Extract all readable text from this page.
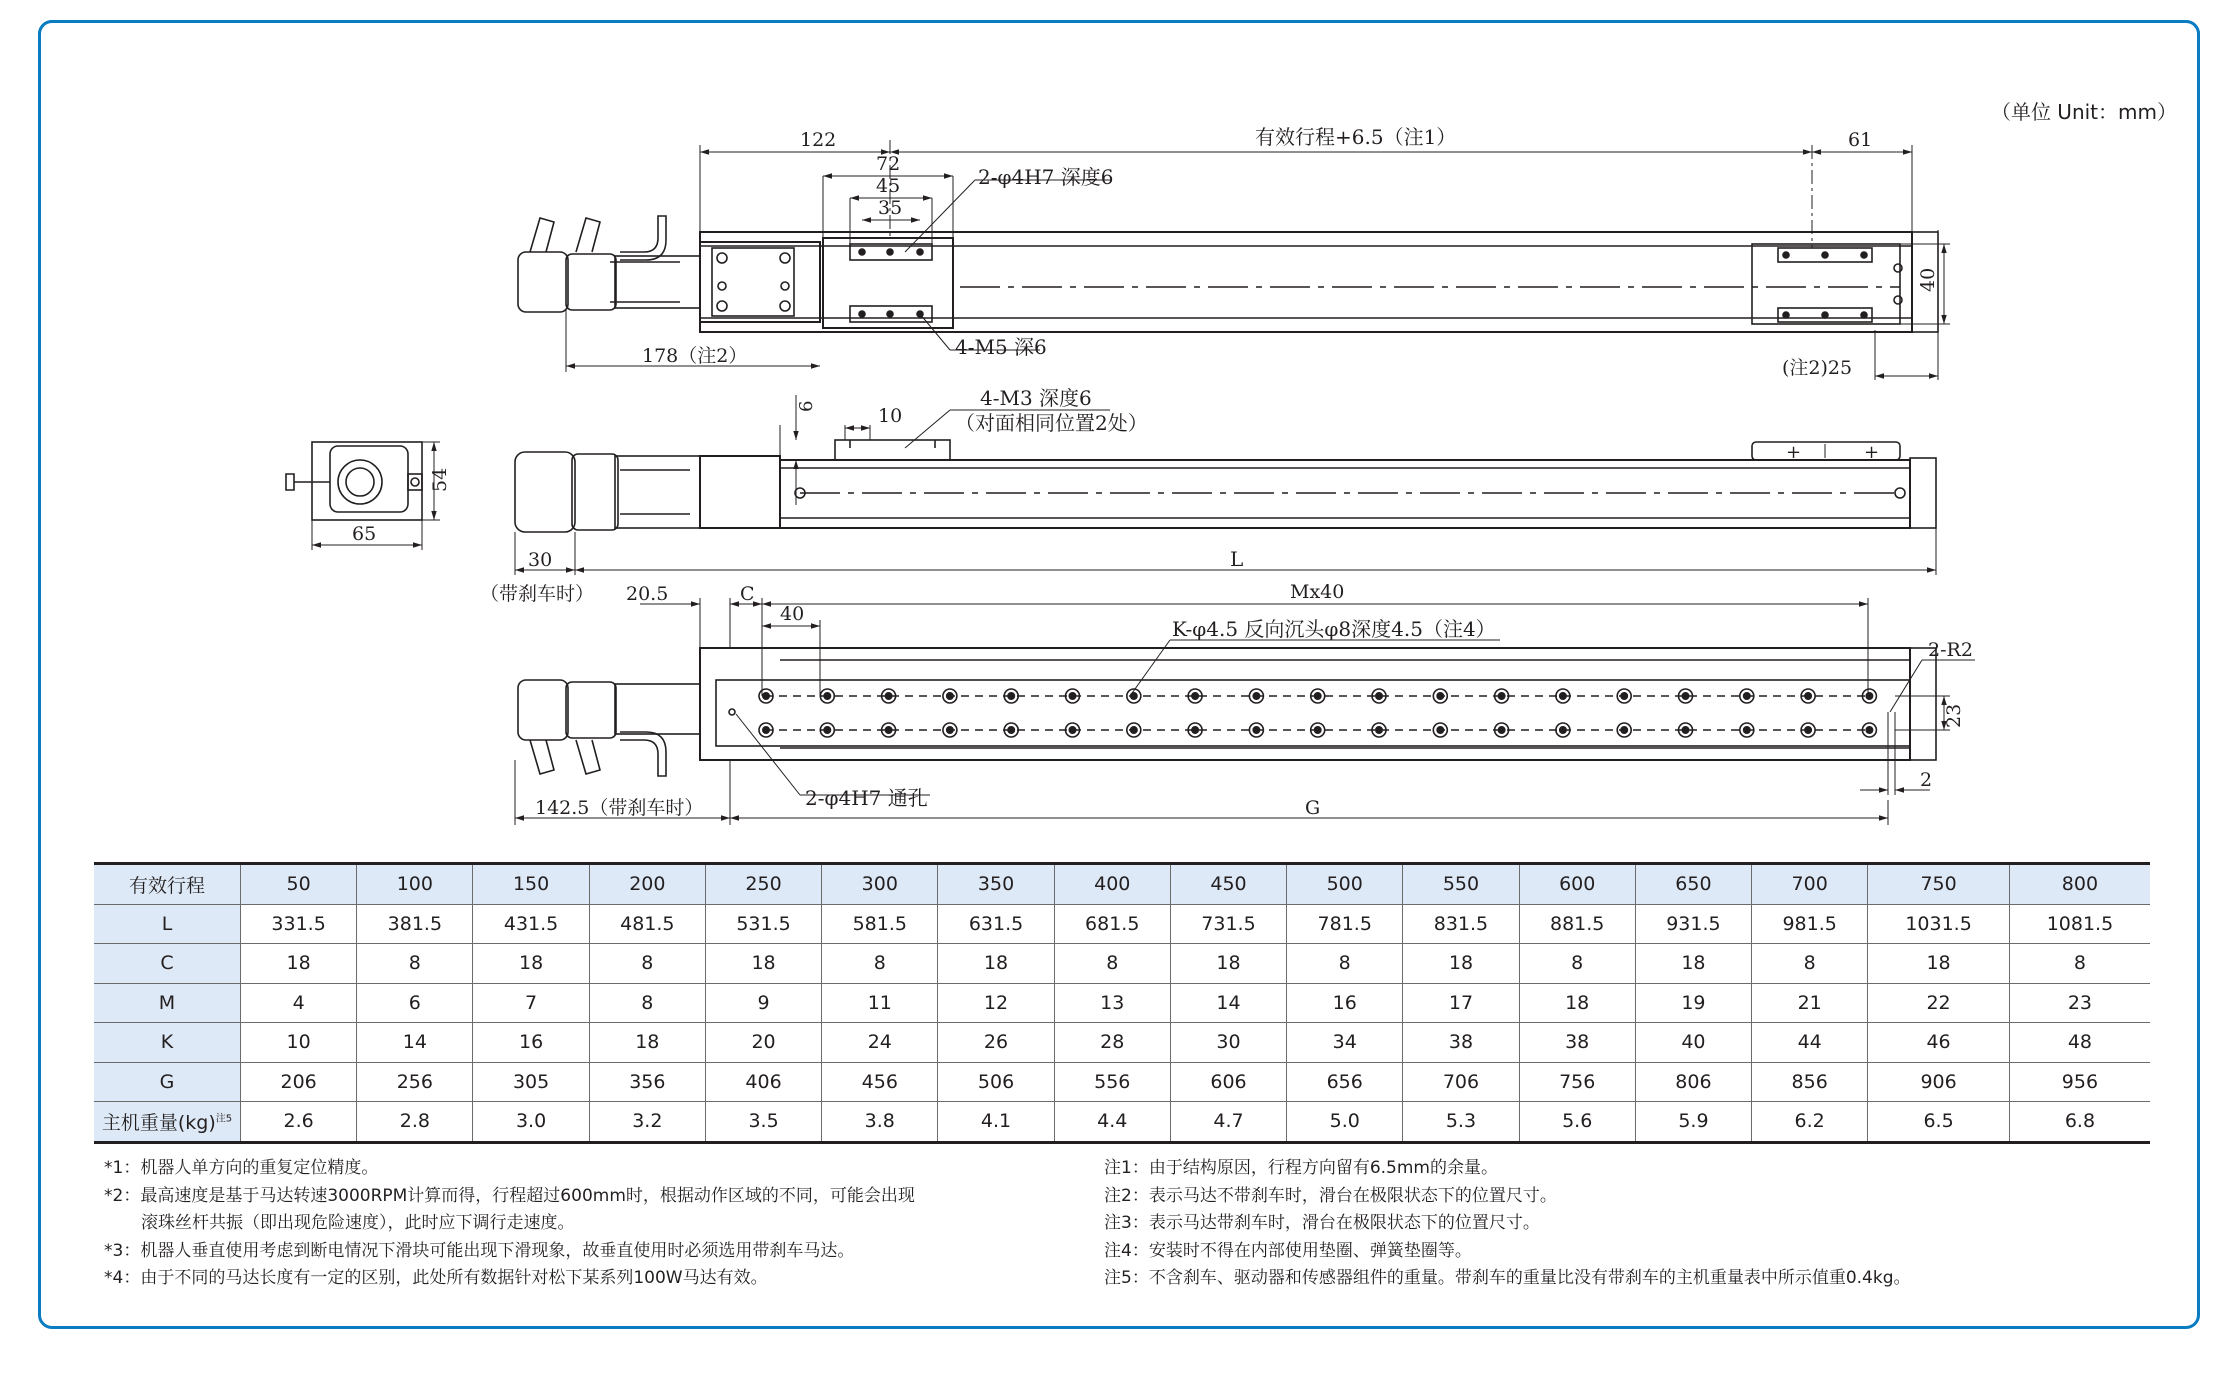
外形尺寸图 $^{*4}$
（单位 Unit：mm）
122
72
45
35
有效行程+6.5（注1）	61
40
2-φ4H7 深度6
4-M5 深6
178（注2）
(注2)25
+	+
6	10
4-M3 深度6
（对面相同位置2处）
30	L
（带刹车时）
65
54
20.5	C	Mx40
40
K-φ4.5 反向沉头φ8深度4.5（注4）
2-R2
23
2
2-φ4H7 通孔
142.5（带刹车时）	G
有效行程	50	100	150	200	250	300	350	400	450	500	550	600	650	700	750	800
L	331.5	381.5	431.5	481.5	531.5	581.5	631.5	681.5	731.5	781.5	831.5	881.5	931.5	981.5	1031.5	1081.5
C	18	8	18	8	18	8	18	8	18	8	18	8	18	8	18	8
M	4	6	7	8	9	11	12	13	14	16	17	18	19	21	22	23
K	10	14	16	18	20	24	26	28	30	34	38	38	40	44	46	48
G	206	256	305	356	406	456	506	556	606	656	706	756	806	856	906	956
主机重量(kg)$^{注5}$	2.6	2.8	3.0	3.2	3.5	3.8	4.1	4.4	4.7	5.0	5.3	5.6	5.9	6.2	6.5	6.8
*1：机器人单方向的重复定位精度。
*2：最高速度是基于马达转速3000RPM计算而得，行程超过600mm时，根据动作区域的不同，可能会出现
滚珠丝杆共振（即出现危险速度），此时应下调行走速度。
*3：机器人垂直使用考虑到断电情况下滑块可能出现下滑现象，故垂直使用时必须选用带刹车马达。
*4：由于不同的马达长度有一定的区别，此处所有数据针对松下某系列100W马达有效。
注1：由于结构原因，行程方向留有6.5mm的余量。
注2：表示马达不带刹车时，滑台在极限状态下的位置尺寸。
注3：表示马达带刹车时，滑台在极限状态下的位置尺寸。
注4：安装时不得在内部使用垫圈、弹簧垫圈等。
注5：不含刹车、驱动器和传感器组件的重量。带刹车的重量比没有带刹车的主机重量表中所示值重0.4kg。
